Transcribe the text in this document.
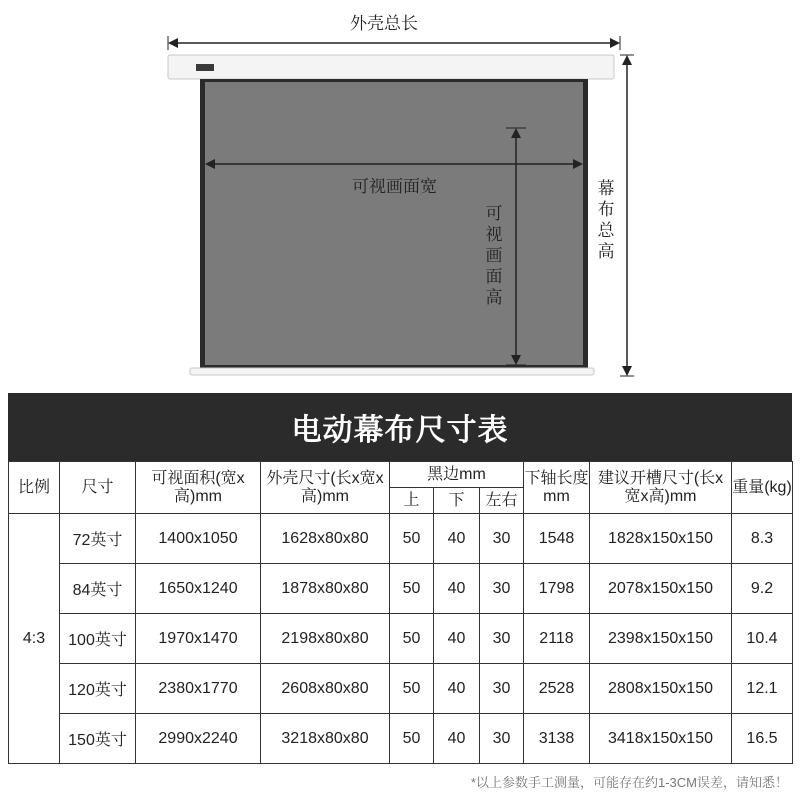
外壳总长
可视画面宽
可视画面高
幕布总高
电动幕布尺寸表
比例	尺寸	可视面积(宽x高)mm	外壳尺寸(长x宽x高)mm	黑边mm			下轴长度mm	建议开槽尺寸(长x宽x高)mm	重量(kg)
				上	下	左右			
4:3	72英寸	1400x1050	1628x80x80	50	40	30	1548	1828x150x150	8.3
	84英寸	1650x1240	1878x80x80	50	40	30	1798	2078x150x150	9.2
	100英寸	1970x1470	2198x80x80	50	40	30	2118	2398x150x150	10.4
	120英寸	2380x1770	2608x80x80	50	40	30	2528	2808x150x150	12.1
	150英寸	2990x2240	3218x80x80	50	40	30	3138	3418x150x150	16.5
*以上参数手工测量，可能存在约1-3CM误差，请知悉！
